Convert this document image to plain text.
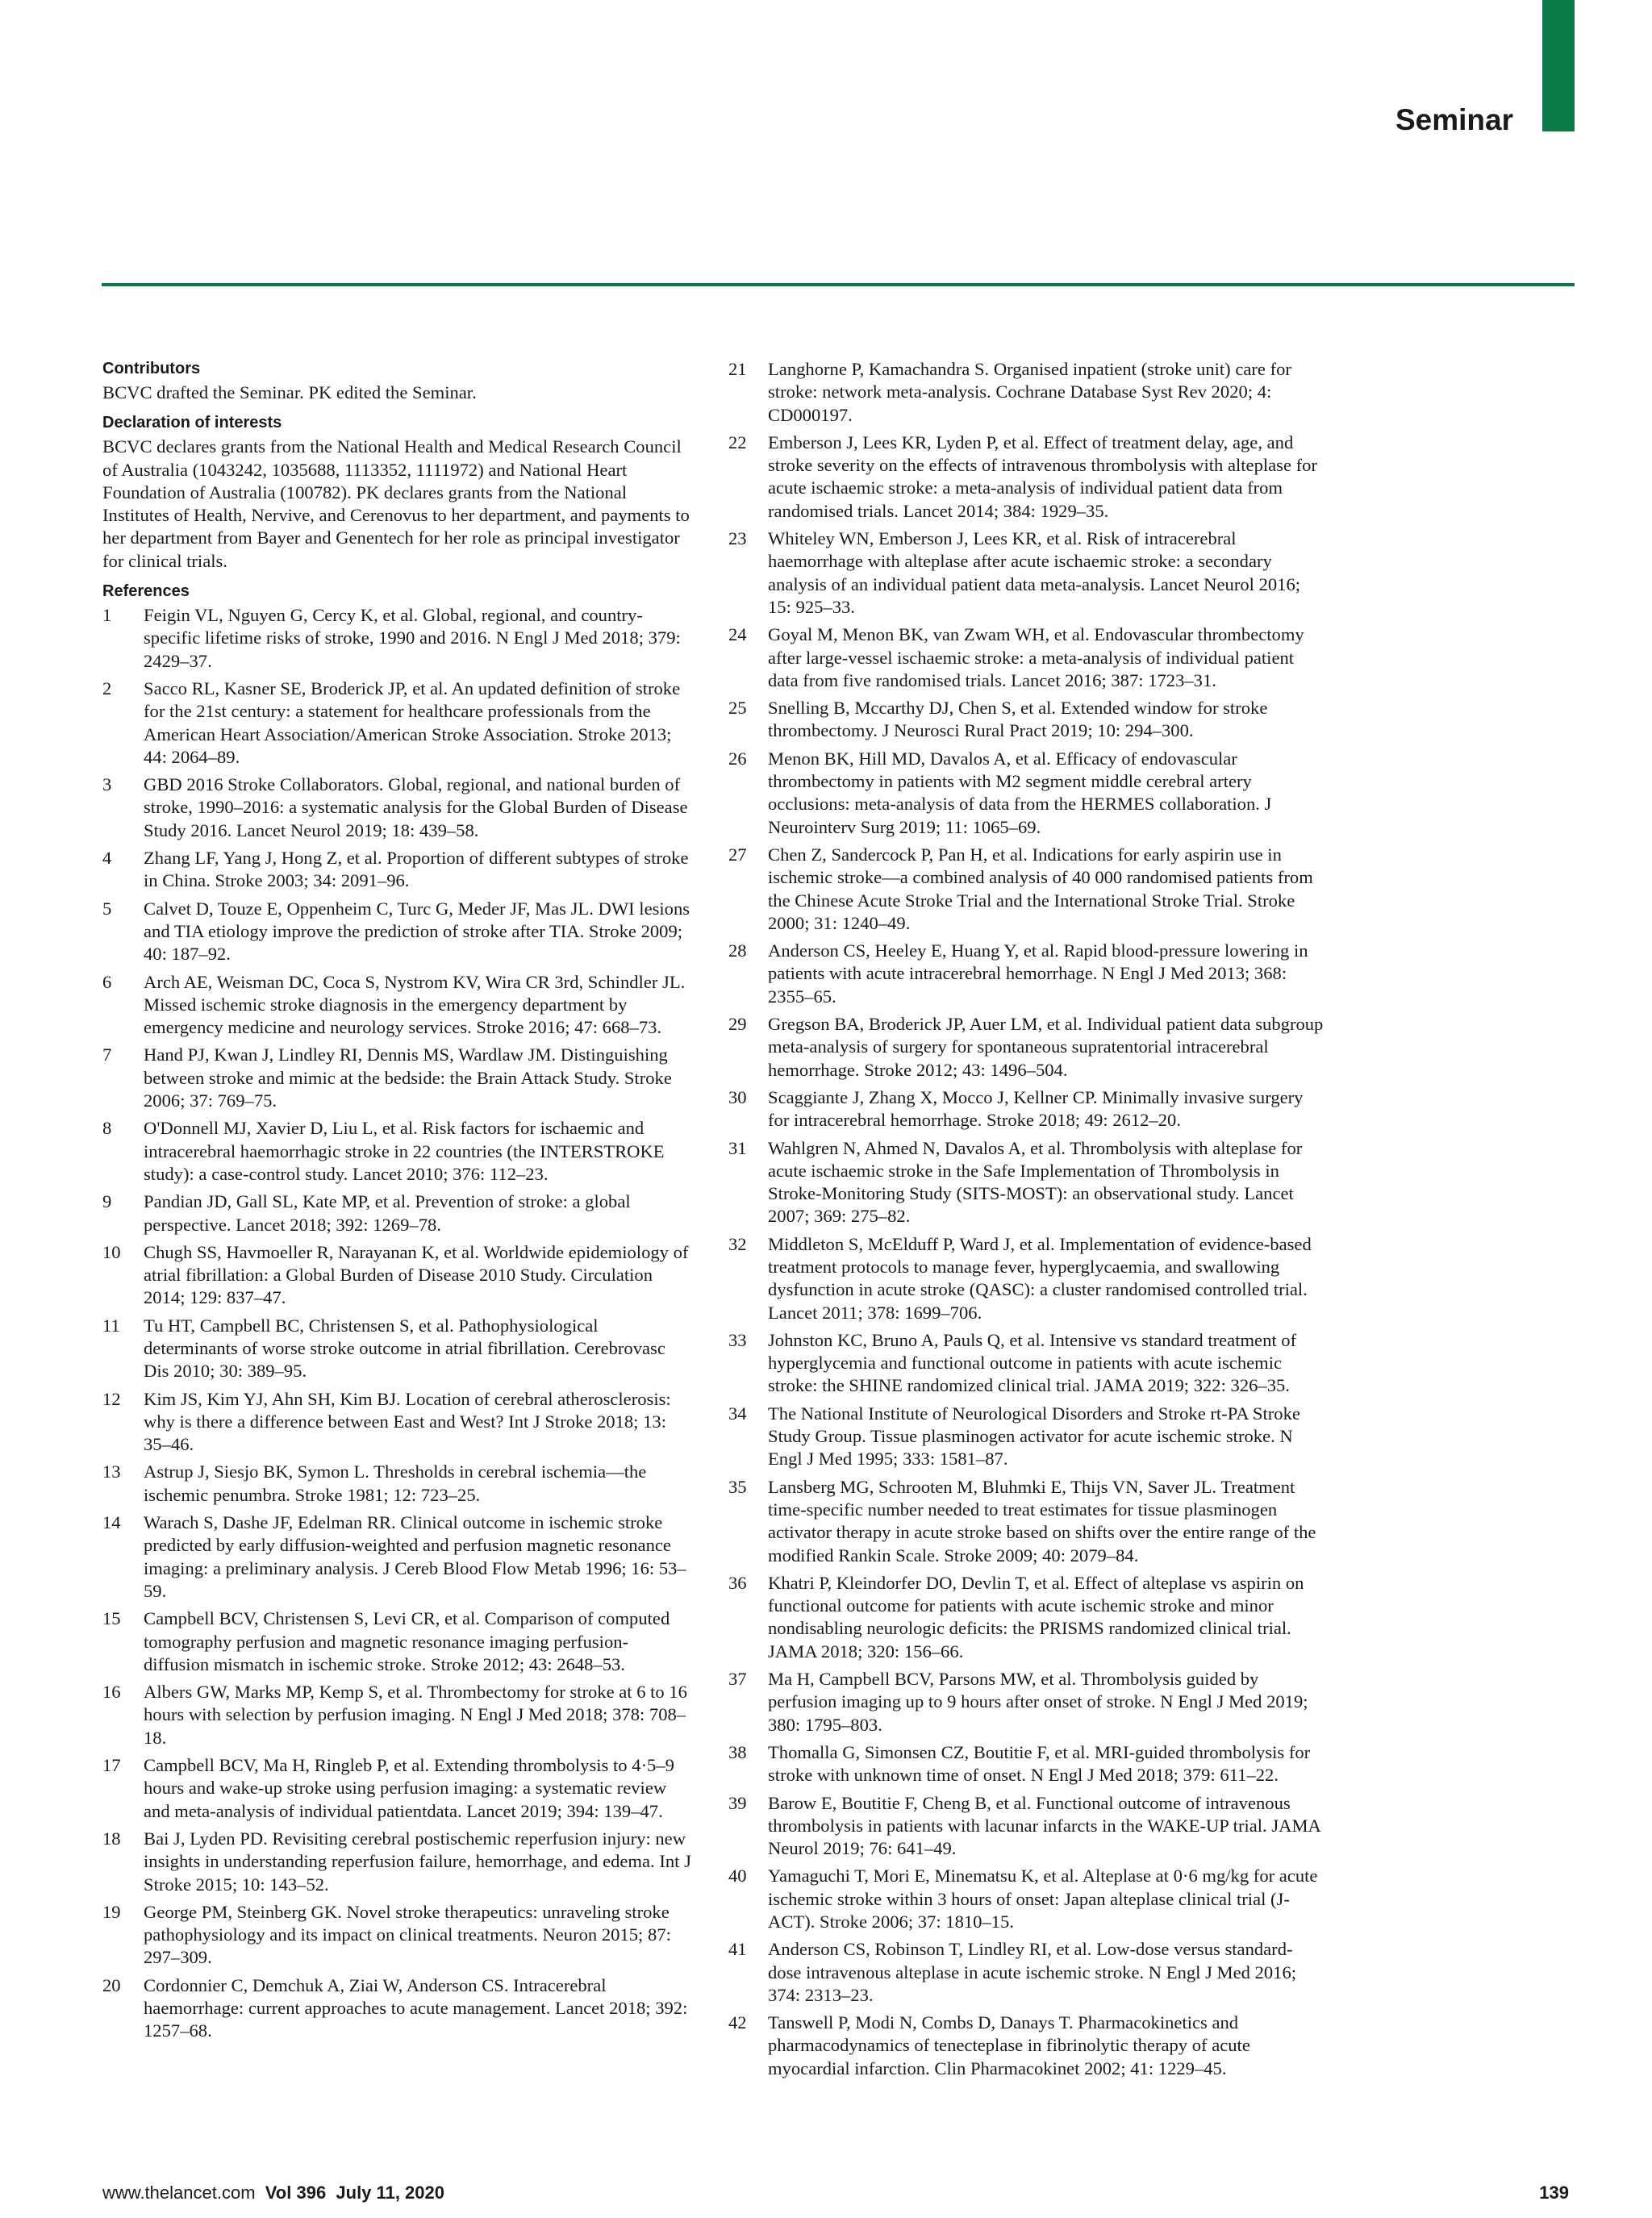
Seminar
Contributors
BCVC drafted the Seminar. PK edited the Seminar.
Declaration of interests
BCVC declares grants from the National Health and Medical Research Council of Australia (1043242, 1035688, 1113352, 1111972) and National Heart Foundation of Australia (100782). PK declares grants from the National Institutes of Health, Nervive, and Cerenovus to her department, and payments to her department from Bayer and Genentech for her role as principal investigator for clinical trials.
References
1 Feigin VL, Nguyen G, Cercy K, et al. Global, regional, and country-specific lifetime risks of stroke, 1990 and 2016. N Engl J Med 2018; 379: 2429–37.
2 Sacco RL, Kasner SE, Broderick JP, et al. An updated definition of stroke for the 21st century: a statement for healthcare professionals from the American Heart Association/American Stroke Association. Stroke 2013; 44: 2064–89.
3 GBD 2016 Stroke Collaborators. Global, regional, and national burden of stroke, 1990–2016: a systematic analysis for the Global Burden of Disease Study 2016. Lancet Neurol 2019; 18: 439–58.
4 Zhang LF, Yang J, Hong Z, et al. Proportion of different subtypes of stroke in China. Stroke 2003; 34: 2091–96.
5 Calvet D, Touze E, Oppenheim C, Turc G, Meder JF, Mas JL. DWI lesions and TIA etiology improve the prediction of stroke after TIA. Stroke 2009; 40: 187–92.
6 Arch AE, Weisman DC, Coca S, Nystrom KV, Wira CR 3rd, Schindler JL. Missed ischemic stroke diagnosis in the emergency department by emergency medicine and neurology services. Stroke 2016; 47: 668–73.
7 Hand PJ, Kwan J, Lindley RI, Dennis MS, Wardlaw JM. Distinguishing between stroke and mimic at the bedside: the Brain Attack Study. Stroke 2006; 37: 769–75.
8 O'Donnell MJ, Xavier D, Liu L, et al. Risk factors for ischaemic and intracerebral haemorrhagic stroke in 22 countries (the INTERSTROKE study): a case-control study. Lancet 2010; 376: 112–23.
9 Pandian JD, Gall SL, Kate MP, et al. Prevention of stroke: a global perspective. Lancet 2018; 392: 1269–78.
10 Chugh SS, Havmoeller R, Narayanan K, et al. Worldwide epidemiology of atrial fibrillation: a Global Burden of Disease 2010 Study. Circulation 2014; 129: 837–47.
11 Tu HT, Campbell BC, Christensen S, et al. Pathophysiological determinants of worse stroke outcome in atrial fibrillation. Cerebrovasc Dis 2010; 30: 389–95.
12 Kim JS, Kim YJ, Ahn SH, Kim BJ. Location of cerebral atherosclerosis: why is there a difference between East and West? Int J Stroke 2018; 13: 35–46.
13 Astrup J, Siesjo BK, Symon L. Thresholds in cerebral ischemia—the ischemic penumbra. Stroke 1981; 12: 723–25.
14 Warach S, Dashe JF, Edelman RR. Clinical outcome in ischemic stroke predicted by early diffusion-weighted and perfusion magnetic resonance imaging: a preliminary analysis. J Cereb Blood Flow Metab 1996; 16: 53–59.
15 Campbell BCV, Christensen S, Levi CR, et al. Comparison of computed tomography perfusion and magnetic resonance imaging perfusion-diffusion mismatch in ischemic stroke. Stroke 2012; 43: 2648–53.
16 Albers GW, Marks MP, Kemp S, et al. Thrombectomy for stroke at 6 to 16 hours with selection by perfusion imaging. N Engl J Med 2018; 378: 708–18.
17 Campbell BCV, Ma H, Ringleb P, et al. Extending thrombolysis to 4·5–9 hours and wake-up stroke using perfusion imaging: a systematic review and meta-analysis of individual patientdata. Lancet 2019; 394: 139–47.
18 Bai J, Lyden PD. Revisiting cerebral postischemic reperfusion injury: new insights in understanding reperfusion failure, hemorrhage, and edema. Int J Stroke 2015; 10: 143–52.
19 George PM, Steinberg GK. Novel stroke therapeutics: unraveling stroke pathophysiology and its impact on clinical treatments. Neuron 2015; 87: 297–309.
20 Cordonnier C, Demchuk A, Ziai W, Anderson CS. Intracerebral haemorrhage: current approaches to acute management. Lancet 2018; 392: 1257–68.
21 Langhorne P, Kamachandra S. Organised inpatient (stroke unit) care for stroke: network meta-analysis. Cochrane Database Syst Rev 2020; 4: CD000197.
22 Emberson J, Lees KR, Lyden P, et al. Effect of treatment delay, age, and stroke severity on the effects of intravenous thrombolysis with alteplase for acute ischaemic stroke: a meta-analysis of individual patient data from randomised trials. Lancet 2014; 384: 1929–35.
23 Whiteley WN, Emberson J, Lees KR, et al. Risk of intracerebral haemorrhage with alteplase after acute ischaemic stroke: a secondary analysis of an individual patient data meta-analysis. Lancet Neurol 2016; 15: 925–33.
24 Goyal M, Menon BK, van Zwam WH, et al. Endovascular thrombectomy after large-vessel ischaemic stroke: a meta-analysis of individual patient data from five randomised trials. Lancet 2016; 387: 1723–31.
25 Snelling B, Mccarthy DJ, Chen S, et al. Extended window for stroke thrombectomy. J Neurosci Rural Pract 2019; 10: 294–300.
26 Menon BK, Hill MD, Davalos A, et al. Efficacy of endovascular thrombectomy in patients with M2 segment middle cerebral artery occlusions: meta-analysis of data from the HERMES collaboration. J Neurointerv Surg 2019; 11: 1065–69.
27 Chen Z, Sandercock P, Pan H, et al. Indications for early aspirin use in ischemic stroke—a combined analysis of 40 000 randomised patients from the Chinese Acute Stroke Trial and the International Stroke Trial. Stroke 2000; 31: 1240–49.
28 Anderson CS, Heeley E, Huang Y, et al. Rapid blood-pressure lowering in patients with acute intracerebral hemorrhage. N Engl J Med 2013; 368: 2355–65.
29 Gregson BA, Broderick JP, Auer LM, et al. Individual patient data subgroup meta-analysis of surgery for spontaneous supratentorial intracerebral hemorrhage. Stroke 2012; 43: 1496–504.
30 Scaggiante J, Zhang X, Mocco J, Kellner CP. Minimally invasive surgery for intracerebral hemorrhage. Stroke 2018; 49: 2612–20.
31 Wahlgren N, Ahmed N, Davalos A, et al. Thrombolysis with alteplase for acute ischaemic stroke in the Safe Implementation of Thrombolysis in Stroke-Monitoring Study (SITS-MOST): an observational study. Lancet 2007; 369: 275–82.
32 Middleton S, McElduff P, Ward J, et al. Implementation of evidence-based treatment protocols to manage fever, hyperglycaemia, and swallowing dysfunction in acute stroke (QASC): a cluster randomised controlled trial. Lancet 2011; 378: 1699–706.
33 Johnston KC, Bruno A, Pauls Q, et al. Intensive vs standard treatment of hyperglycemia and functional outcome in patients with acute ischemic stroke: the SHINE randomized clinical trial. JAMA 2019; 322: 326–35.
34 The National Institute of Neurological Disorders and Stroke rt-PA Stroke Study Group. Tissue plasminogen activator for acute ischemic stroke. N Engl J Med 1995; 333: 1581–87.
35 Lansberg MG, Schrooten M, Bluhmki E, Thijs VN, Saver JL. Treatment time-specific number needed to treat estimates for tissue plasminogen activator therapy in acute stroke based on shifts over the entire range of the modified Rankin Scale. Stroke 2009; 40: 2079–84.
36 Khatri P, Kleindorfer DO, Devlin T, et al. Effect of alteplase vs aspirin on functional outcome for patients with acute ischemic stroke and minor nondisabling neurologic deficits: the PRISMS randomized clinical trial. JAMA 2018; 320: 156–66.
37 Ma H, Campbell BCV, Parsons MW, et al. Thrombolysis guided by perfusion imaging up to 9 hours after onset of stroke. N Engl J Med 2019; 380: 1795–803.
38 Thomalla G, Simonsen CZ, Boutitie F, et al. MRI-guided thrombolysis for stroke with unknown time of onset. N Engl J Med 2018; 379: 611–22.
39 Barow E, Boutitie F, Cheng B, et al. Functional outcome of intravenous thrombolysis in patients with lacunar infarcts in the WAKE-UP trial. JAMA Neurol 2019; 76: 641–49.
40 Yamaguchi T, Mori E, Minematsu K, et al. Alteplase at 0·6 mg/kg for acute ischemic stroke within 3 hours of onset: Japan alteplase clinical trial (J-ACT). Stroke 2006; 37: 1810–15.
41 Anderson CS, Robinson T, Lindley RI, et al. Low-dose versus standard-dose intravenous alteplase in acute ischemic stroke. N Engl J Med 2016; 374: 2313–23.
42 Tanswell P, Modi N, Combs D, Danays T. Pharmacokinetics and pharmacodynamics of tenecteplase in fibrinolytic therapy of acute myocardial infarction. Clin Pharmacokinet 2002; 41: 1229–45.
www.thelancet.com Vol 396 July 11, 2020	139
